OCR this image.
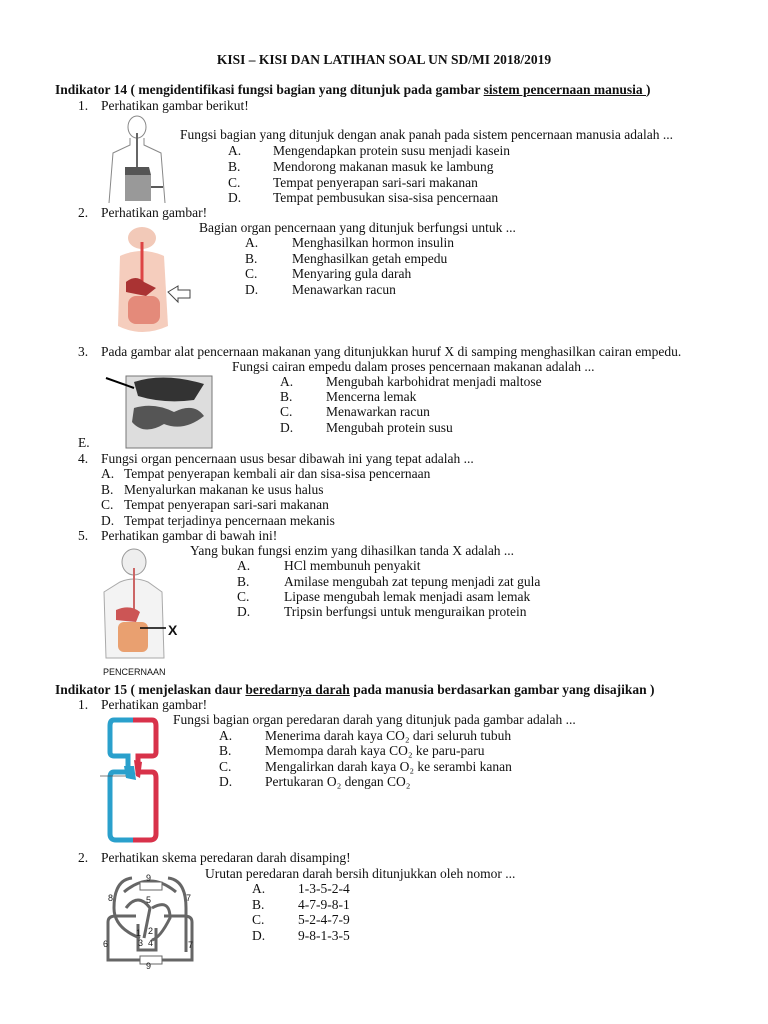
KISI – KISI DAN LATIHAN SOAL UN SD/MI 2018/2019
Indikator 14 ( mengidentifikasi fungsi bagian yang ditunjuk pada gambar sistem pencernaan manusia )
1. Perhatikan gambar berikut!
Fungsi bagian yang ditunjuk dengan anak panah pada sistem pencernaan manusia adalah ...
A. Mengendapkan protein susu menjadi kasein
B. Mendorong makanan masuk ke lambung
C. Tempat penyerapan sari-sari makanan
D. Tempat pembusukan sisa-sisa pencernaan
2. Perhatikan gambar!
Bagian organ pencernaan yang ditunjuk berfungsi untuk ...
A.	Menghasilkan hormon insulin
B.	Menghasilkan getah empedu
C.	Menyaring gula darah
D.	Menawarkan racun
3. Pada gambar alat pencernaan makanan yang ditunjukkan huruf X di samping menghasilkan cairan empedu.
Fungsi cairan empedu dalam proses pencernaan makanan adalah ...
A. Mengubah karbohidrat menjadi maltose
B. Mencerna lemak
C. Menawarkan racun
D. Mengubah protein susu
E.
4. Fungsi organ pencernaan usus besar dibawah ini yang tepat adalah ...
A. Tempat penyerapan kembali air dan sisa-sisa pencernaan
B. Menyalurkan makanan ke usus halus
C. Tempat penyerapan sari-sari makanan
D. Tempat terjadinya pencernaan mekanis
5. Perhatikan gambar di bawah ini!
X
PENCERNAAN
Yang bukan fungsi enzim yang dihasilkan tanda X adalah ...
A.	HCl membunuh penyakit
B.	Amilase mengubah zat tepung menjadi zat gula
C.	Lipase mengubah lemak menjadi asam lemak
D.	Tripsin berfungsi untuk menguraikan protein
Indikator 15 ( menjelaskan daur beredarnya darah pada manusia berdasarkan gambar yang disajikan )
1. Perhatikan gambar!
Fungsi bagian organ peredaran darah yang ditunjuk pada gambar adalah ...
A. Menerima darah kaya CO₂ dari seluruh tubuh
B. Memompa darah kaya CO₂ ke paru-paru
C. Mengalirkan darah kaya O₂ ke serambi kanan
D. Pertukaran O₂ dengan CO₂
2. Perhatikan skema peredaran darah disamping!
9
8	5	7
1 2
3 4
6	7
9
Urutan peredaran darah bersih ditunjukkan oleh nomor ...
A. 1-3-5-2-4
B. 4-7-9-8-1
C. 5-2-4-7-9
D. 9-8-1-3-5
